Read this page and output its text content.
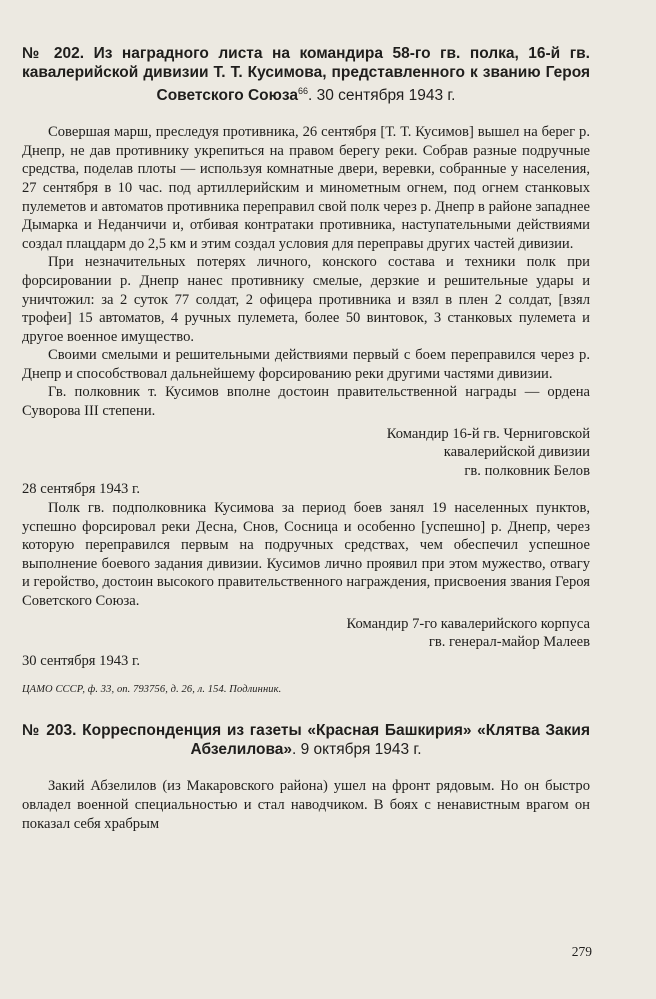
№ 202. Из наградного листа на командира 58-го гв. полка, 16-й гв. кавалерийской дивизии Т. Т. Кусимова, представленного к званию Героя Советского Союза$^{66}$. 30 сентября 1943 г.

Совершая марш, преследуя противника, 26 сентября [Т. Т. Кусимов] вышел на берег р. Днепр, не дав противнику укрепиться на правом берегу реки. Собрав разные подручные средства, поделав плоты — используя комнатные двери, веревки, собранные у населения, 27 сентября в 10 час. под артиллерийским и минометным огнем, под огнем станковых пулеметов и автоматов противника переправил свой полк через р. Днепр в районе западнее Дымарка и Неданчичи и, отбивая контратаки противника, наступательными действиями создал плацдарм до 2,5 км и этим создал условия для переправы других частей дивизии.

При незначительных потерях личного, конского состава и техники полк при форсировании р. Днепр нанес противнику смелые, дерзкие и решительные удары и уничтожил: за 2 суток 77 солдат, 2 офицера противника и взял в плен 2 солдат, [взял трофеи] 15 автоматов, 4 ручных пулемета, более 50 винтовок, 3 станковых пулемета и другое военное имущество.

Своими смелыми и решительными действиями первый с боем переправился через р. Днепр и способствовал дальнейшему форсированию реки другими частями дивизии.

Гв. полковник т. Кусимов вполне достоин правительственной награды — ордена Суворова III степени.

Командир 16-й гв. Черниговской
кавалерийской дивизии
гв. полковник Белов

28 сентября 1943 г.

Полк гв. подполковника Кусимова за период боев занял 19 населенных пунктов, успешно форсировал реки Десна, Снов, Сосница и особенно [успешно] р. Днепр, через которую переправился первым на подручных средствах, чем обеспечил успешное выполнение боевого задания дивизии. Кусимов лично проявил при этом мужество, отвагу и геройство, достоин высокого правительственного награждения, присвоения звания Героя Советского Союза.

Командир 7-го кавалерийского корпуса
гв. генерал-майор Малеев

30 сентября 1943 г.

ЦАМО СССР, ф. 33, оп. 793756, д. 26, л. 154. Подлинник.

№ 203. Корреспонденция из газеты «Красная Башкирия» «Клятва Закия Абзелилова». 9 октября 1943 г.

Закий Абзелилов (из Макаровского района) ушел на фронт рядовым. Но он быстро овладел военной специальностью и стал наводчиком. В боях с ненавистным врагом он показал себя храбрым

279
